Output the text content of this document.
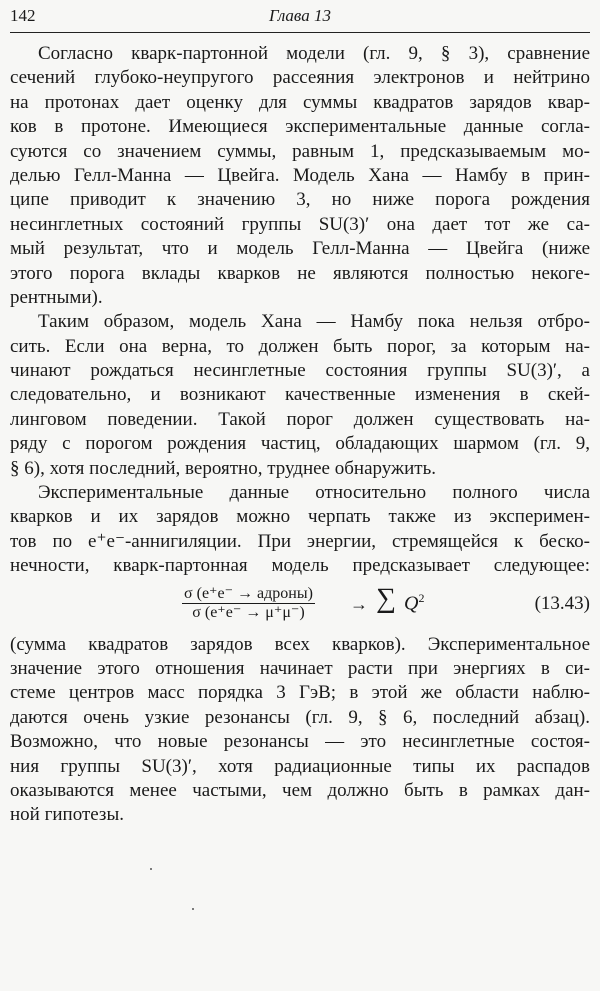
142	Глава 13
Согласно кварк-партонной модели (гл. 9, § 3), сравнение
сечений глубоко-неупругого рассеяния электронов и нейтрино
на протонах дает оценку для суммы квадратов зарядов квар-
ков в протоне. Имеющиеся экспериментальные данные согла-
суются со значением суммы, равным 1, предсказываемым мо-
делью Гелл-Манна — Цвейга. Модель Хана — Намбу в прин-
ципе приводит к значению 3, но ниже порога рождения
несинглетных состояний группы SU(3)′ она дает тот же са-
мый результат, что и модель Гелл-Манна — Цвейга (ниже
этого порога вклады кварков не являются полностью некоге-
рентными).
Таким образом, модель Хана — Намбу пока нельзя отбро-
сить. Если она верна, то должен быть порог, за которым на-
чинают рождаться несинглетные состояния группы SU(3)′, а
следовательно, и возникают качественные изменения в скей-
линговом поведении. Такой порог должен существовать на-
ряду с порогом рождения частиц, обладающих шармом (гл. 9,
§ 6), хотя последний, вероятно, труднее обнаружить.
Экспериментальные данные относительно полного числа
кварков и их зарядов можно черпать также из эксперимен-
тов по e⁺e⁻-аннигиляции. При энергии, стремящейся к беско-
нечности, кварк-партонная модель предсказывает следующее:
σ (e⁺e⁻ → адроны)
σ (e⁺e⁻ → μ⁺μ⁻)	→ ∑ $Q^2$	(13.43)
(сумма квадратов зарядов всех кварков). Экспериментальное
значение этого отношения начинает расти при энергиях в си-
стеме центров масс порядка 3 ГэВ; в этой же области наблю-
даются очень узкие резонансы (гл. 9, § 6, последний абзац).
Возможно, что новые резонансы — это несинглетные состоя-
ния группы SU(3)′, хотя радиационные типы их распадов
оказываются менее частыми, чем должно быть в рамках дан-
ной гипотезы.
